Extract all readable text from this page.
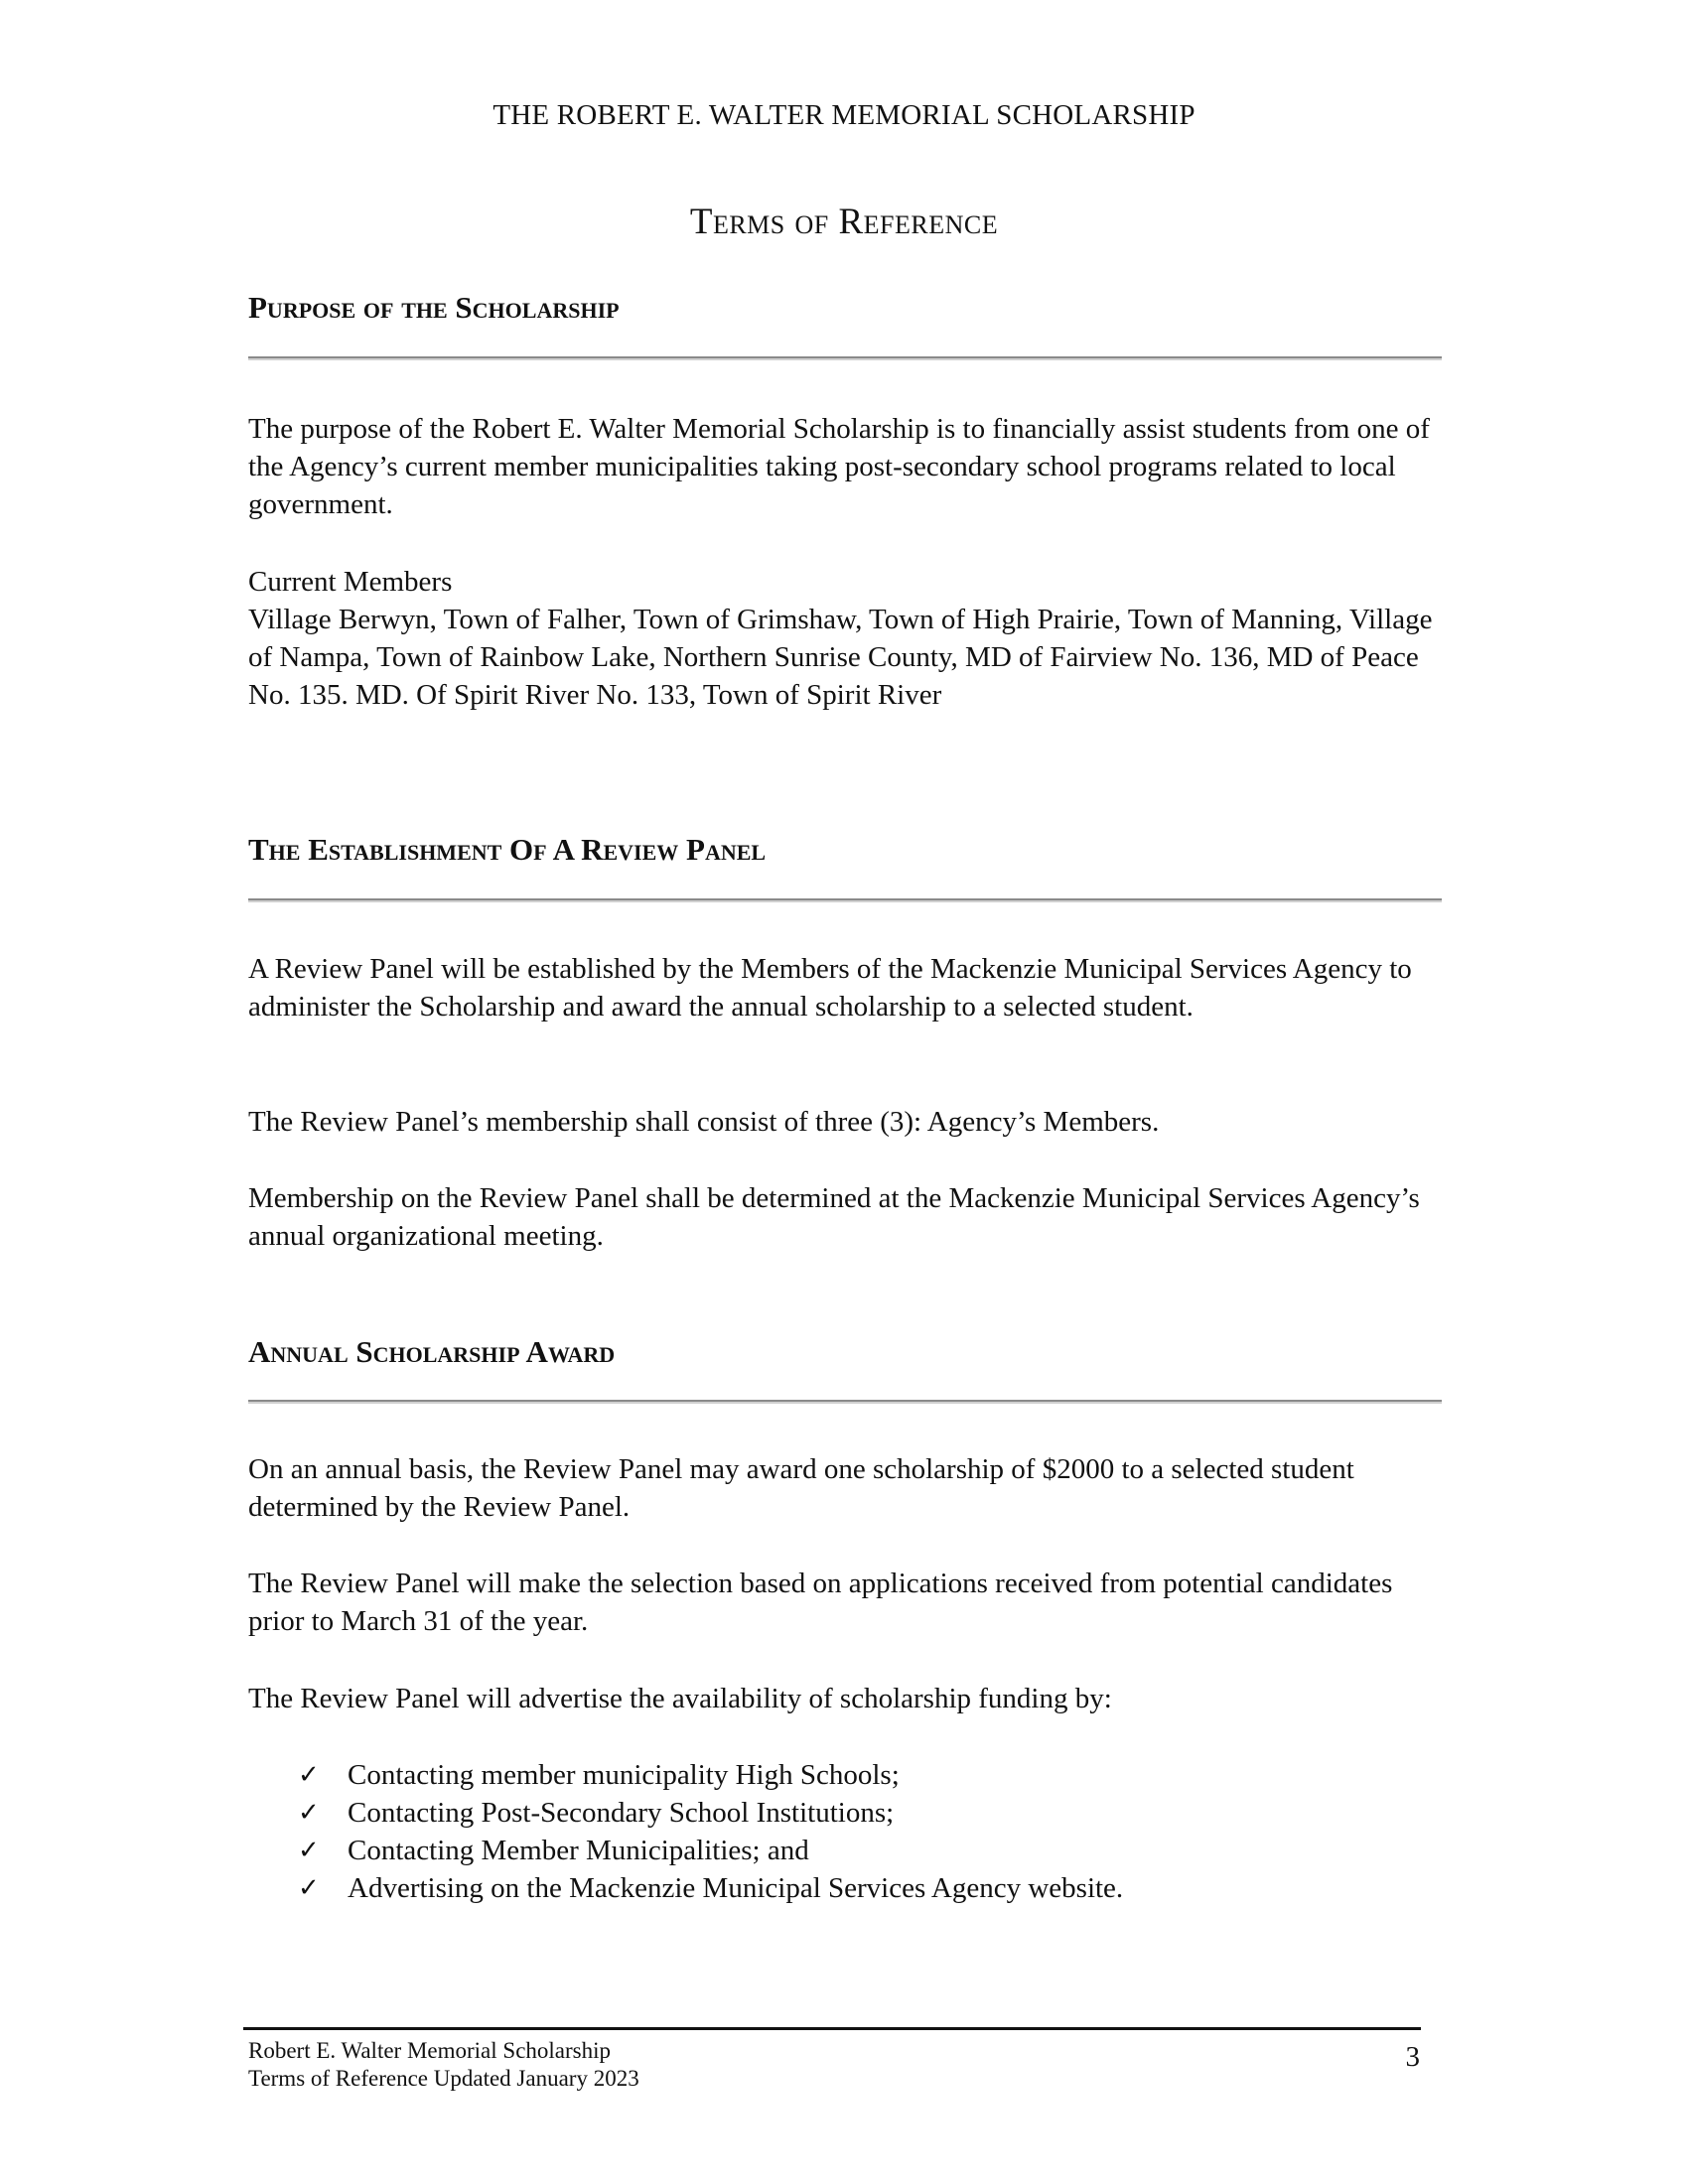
THE ROBERT E. WALTER MEMORIAL SCHOLARSHIP
Terms of Reference
Purpose of the Scholarship

The purpose of the Robert E. Walter Memorial Scholarship is to financially assist students from one of the Agency’s current member municipalities taking post-secondary school programs related to local government.

Current Members

Village Berwyn, Town of Falher, Town of Grimshaw, Town of High Prairie, Town of Manning, Village of Nampa, Town of Rainbow Lake, Northern Sunrise County, MD of Fairview No. 136, MD of Peace No. 135. MD. Of Spirit River No. 133, Town of Spirit River

The Establishment Of A Review Panel

A Review Panel will be established by the Members of the Mackenzie Municipal Services Agency to administer the Scholarship and award the annual scholarship to a selected student.

The Review Panel’s membership shall consist of three (3): Agency’s Members.

Membership on the Review Panel shall be determined at the Mackenzie Municipal Services Agency’s annual organizational meeting.

Annual Scholarship Award

On an annual basis, the Review Panel may award one scholarship of $2000 to a selected student determined by the Review Panel.

The Review Panel will make the selection based on applications received from potential candidates prior to March 31 of the year.

The Review Panel will advertise the availability of scholarship funding by:

✓ Contacting member municipality High Schools;
✓ Contacting Post-Secondary School Institutions;
✓ Contacting Member Municipalities; and
✓ Advertising on the Mackenzie Municipal Services Agency website.
Robert E. Walter Memorial Scholarship
Terms of Reference Updated January 2023
3
